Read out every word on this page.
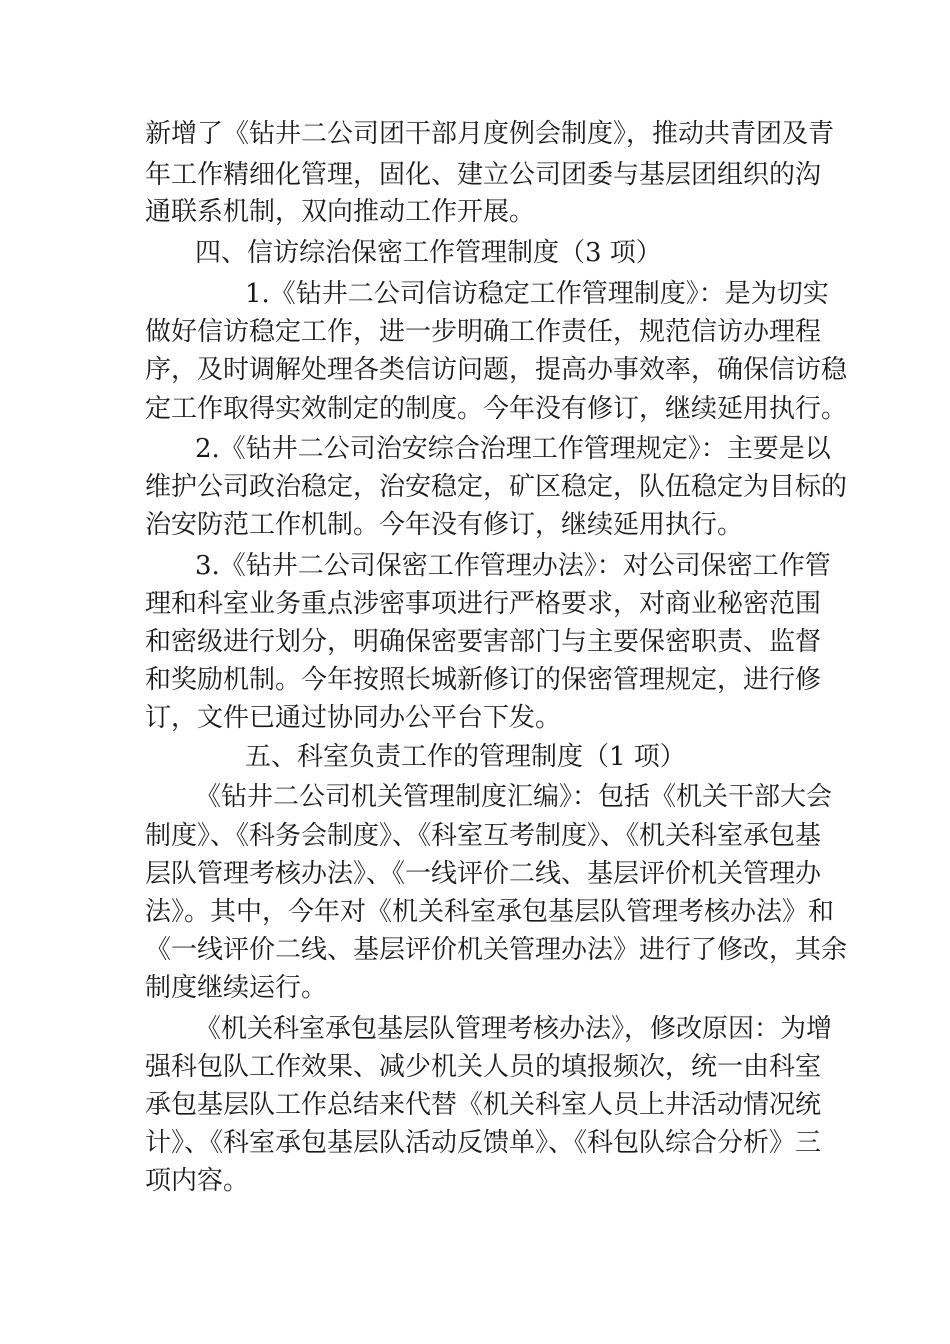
新增了《钻井二公司团干部月度例会制度》，推动共青团及青
年工作精细化管理，固化、建立公司团委与基层团组织的沟
通联系机制，双向推动工作开展。
四、信访综治保密工作管理制度（3 项）
1.《钻井二公司信访稳定工作管理制度》：是为切实
做好信访稳定工作，进一步明确工作责任，规范信访办理程
序，及时调解处理各类信访问题，提高办事效率，确保信访稳
定工作取得实效制定的制度。今年没有修订，继续延用执行。
2.《钻井二公司治安综合治理工作管理规定》：主要是以
维护公司政治稳定，治安稳定，矿区稳定，队伍稳定为目标的
治安防范工作机制。今年没有修订，继续延用执行。
3.《钻井二公司保密工作管理办法》：对公司保密工作管
理和科室业务重点涉密事项进行严格要求，对商业秘密范围
和密级进行划分，明确保密要害部门与主要保密职责、监督
和奖励机制。今年按照长城新修订的保密管理规定，进行修
订，文件已通过协同办公平台下发。
五、科室负责工作的管理制度（1 项）
《钻井二公司机关管理制度汇编》：包括《机关干部大会
制度》、《科务会制度》、《科室互考制度》、《机关科室承包基
层队管理考核办法》、《一线评价二线、基层评价机关管理办
法》。其中，今年对《机关科室承包基层队管理考核办法》和
《一线评价二线、基层评价机关管理办法》进行了修改，其余
制度继续运行。
《机关科室承包基层队管理考核办法》，修改原因：为增
强科包队工作效果、减少机关人员的填报频次，统一由科室
承包基层队工作总结来代替《机关科室人员上井活动情况统
计》、《科室承包基层队活动反馈单》、《科包队综合分析》三
项内容。
